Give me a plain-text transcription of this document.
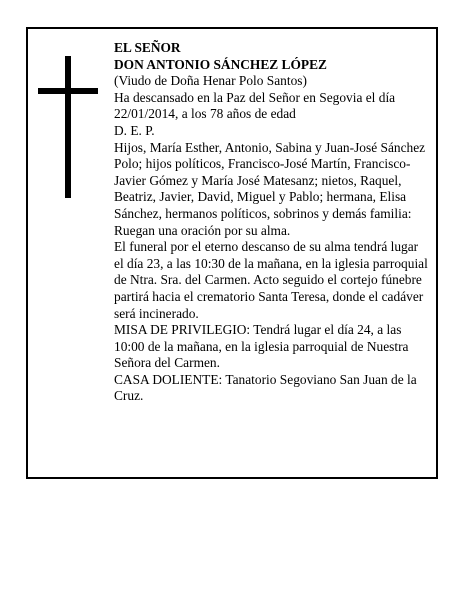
EL SEÑOR
DON ANTONIO SÁNCHEZ LÓPEZ
(Viudo de Doña Henar Polo Santos)
Ha descansado en la Paz del Señor en Segovia el día 22/01/2014, a los 78 años de edad
D. E. P.
Hijos, María Esther, Antonio, Sabina y Juan-José Sánchez Polo; hijos políticos, Francisco-José Martín, Francisco-Javier Gómez y María José Matesanz; nietos, Raquel, Beatriz, Javier, David, Miguel y Pablo; hermana, Elisa Sánchez, hermanos políticos, sobrinos y demás familia:
Ruegan una oración por su alma.
El funeral por el eterno descanso de su alma tendrá lugar el día 23, a las 10:30 de la mañana, en la iglesia parroquial de Ntra. Sra. del Carmen. Acto seguido el cortejo fúnebre partirá hacia el crematorio Santa Teresa, donde el cadáver será incinerado.
MISA DE PRIVILEGIO: Tendrá lugar el día 24, a las 10:00 de la mañana, en la iglesia parroquial de Nuestra Señora del Carmen.
CASA DOLIENTE: Tanatorio Segoviano San Juan de la Cruz.
